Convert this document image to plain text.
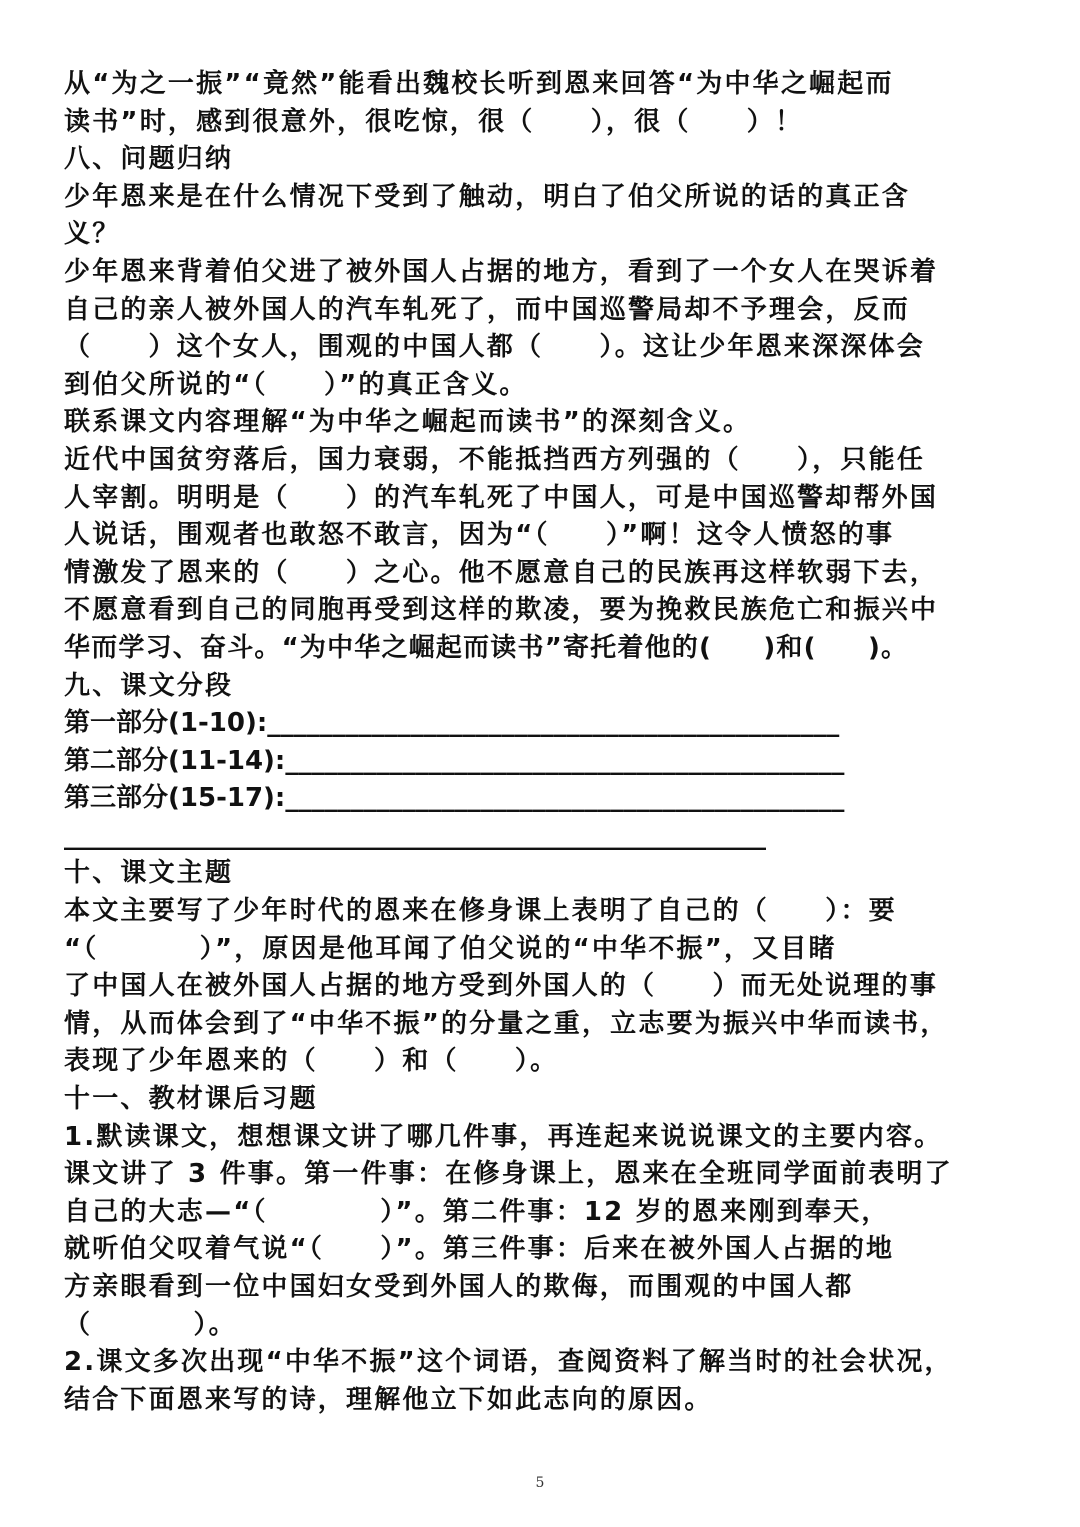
从“为之一振”“竟然”能看出魏校长听到恩来回答“为中华之崛起而
读书”时，感到很意外，很吃惊，很（     ），很（     ）！
八、问题归纳
少年恩来是在什么情况下受到了触动，明白了伯父所说的话的真正含
义？
少年恩来背着伯父进了被外国人占据的地方，看到了一个女人在哭诉着
自己的亲人被外国人的汽车轧死了，而中国巡警局却不予理会，反而
（     ）这个女人，围观的中国人都（     ）。这让少年恩来深深体会
到伯父所说的“（     ）”的真正含义。
联系课文内容理解“为中华之崛起而读书”的深刻含义。
近代中国贫穷落后，国力衰弱，不能抵挡西方列强的（     ），只能任
人宰割。明明是（     ）的汽车轧死了中国人，可是中国巡警却帮外国
人说话，围观者也敢怒不敢言，因为“（     ）”啊！这令人愤怒的事
情激发了恩来的（     ）之心。他不愿意自己的民族再这样软弱下去，
不愿意看到自己的同胞再受到这样的欺凌，要为挽救民族危亡和振兴中
华而学习、奋斗。“为中华之崛起而读书”寄托着他的(     )和(     )。
九、课文分段
第一部分(1-10):____________________________________________
第二部分(11-14):___________________________________________
第三部分(15-17):___________________________________________
______________________________________________________
十、课文主题
本文主要写了少年时代的恩来在修身课上表明了自己的（     ）：要
“（         ）”，原因是他耳闻了伯父说的“中华不振”，又目睹
了中国人在被外国人占据的地方受到外国人的（     ）而无处说理的事
情，从而体会到了“中华不振”的分量之重，立志要为振兴中华而读书，
表现了少年恩来的（     ）和（     ）。
十一、教材课后习题
1.默读课文，想想课文讲了哪几件事，再连起来说说课文的主要内容。
课文讲了 3 件事。第一件事：在修身课上，恩来在全班同学面前表明了
自己的大志—“（          ）”。第二件事：12 岁的恩来刚到奉天，
就听伯父叹着气说“（     ）”。第三件事：后来在被外国人占据的地
方亲眼看到一位中国妇女受到外国人的欺侮，而围观的中国人都
（         ）。
2.课文多次出现“中华不振”这个词语，查阅资料了解当时的社会状况，
结合下面恩来写的诗，理解他立下如此志向的原因。
5
